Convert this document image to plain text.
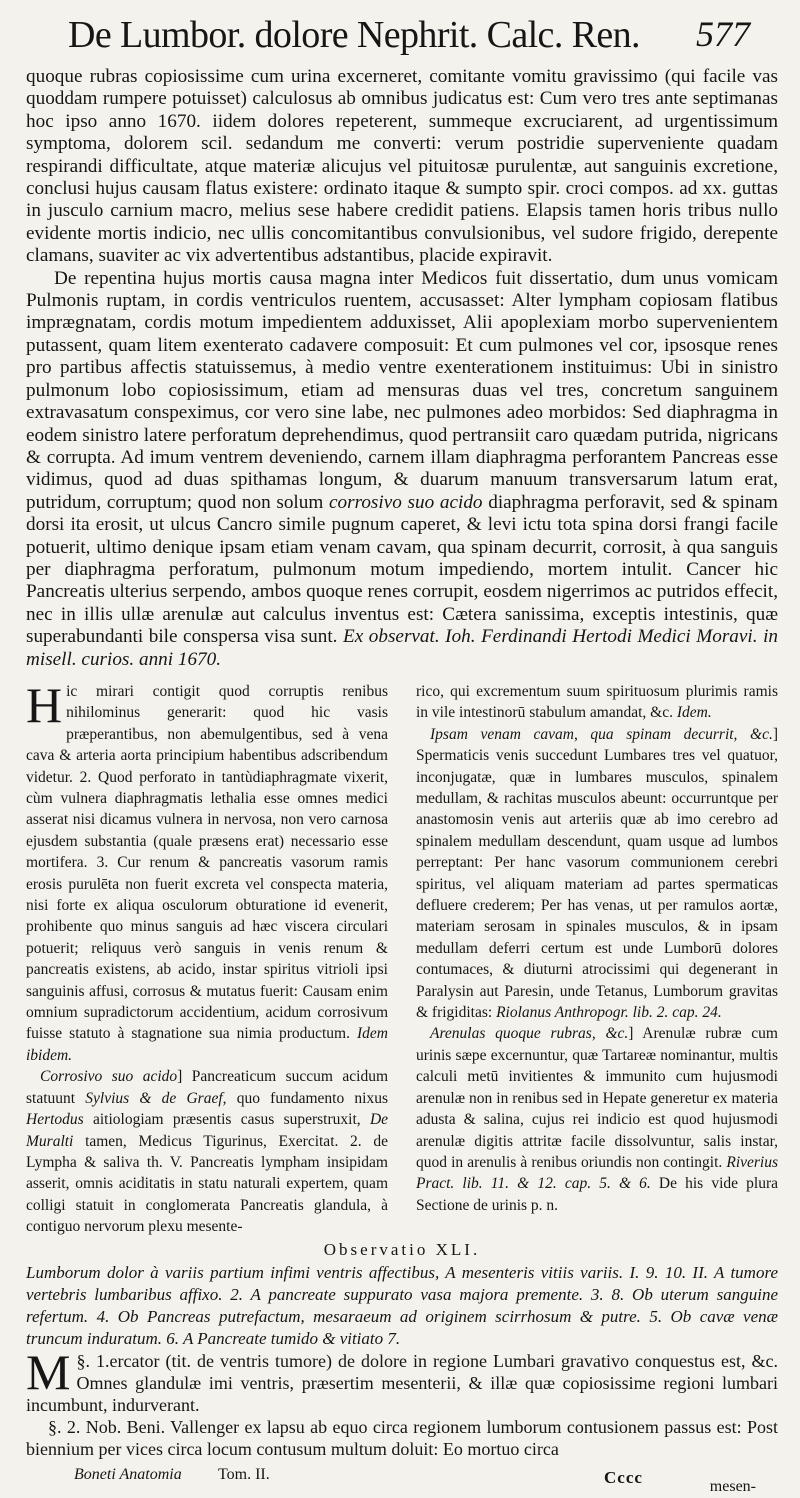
De Lumbor. dolore Nephrit. Calc. Ren. 577

quoque rubras copiosissime cum urina excerneret, comitante vomitu gravissimo (qui facile vas quoddam rumpere potuisset) calculosus ab omnibus judicatus est: Cum vero tres ante septimanas hoc ipso anno 1670. iidem dolores repeterent, summeque excruciarent, ad urgentissimum symptoma, dolorem scil. sedandum me converti: verum postridie superveniente quadam respirandi difficultate, atque materiæ alicujus vel pituitosæ purulentæ, aut sanguinis excretione, conclusi hujus causam flatus existere: ordinato itaque & sumpto spir. croci compos. ad xx. guttas in jusculo carnium macro, melius sese habere credidit patiens. Elapsis tamen horis tribus nullo evidente mortis indicio, nec ullis concomitantibus convulsionibus, vel sudore frigido, derepente clamans, suaviter ac vix advertentibus adstantibus, placide expiravit.

De repentina hujus mortis causa magna inter Medicos fuit dissertatio, dum unus vomicam Pulmonis ruptam, in cordis ventriculos ruentem, accusasset: Alter lympham copiosam flatibus imprægnatam, cordis motum impedientem adduxisset, Alii apoplexiam morbo supervenientem putassent, quam litem exenterato cadavere composuit: Et cum pulmones vel cor, ipsosque renes pro partibus affectis statuissemus, à medio ventre exenterationem instituimus: Ubi in sinistro pulmonum lobo copiosissimum, etiam ad mensuras duas vel tres, concretum sanguinem extravasatum conspeximus, cor vero sine labe, nec pulmones adeo morbidos: Sed diaphragma in eodem sinistro latere perforatum deprehendimus, quod pertransiit caro quædam putrida, nigricans & corrupta. Ad imum ventrem deveniendo, carnem illam diaphragma perforantem Pancreas esse vidimus, quod ad duas spithamas longum, & duarum manuum transversarum latum erat, putridum, corruptum; quod non solum corrosivo suo acido diaphragma perforavit, sed & spinam dorsi ita erosit, ut ulcus Cancro simile pugnum caperet, & levi ictu tota spina dorsi frangi facile potuerit, ultimo denique ipsam etiam venam cavam, qua spinam decurrit, corrosit, à qua sanguis per diaphragma perforatum, pulmonum motum impediendo, mortem intulit. Cancer hic Pancreatis ulterius serpendo, ambos quoque renes corrupit, eosdem nigerrimos ac putridos effecit, nec in illis ullæ arenulæ aut calculus inventus est: Cætera sanissima, exceptis intestinis, quæ superabundanti bile conspersa visa sunt. Ex observat. Ioh. Ferdinandi Hertodi Medici Moravi. in misell. curios. anni 1670.

Hic mirari contigit quod corruptis renibus nihilominus generarit: quod hic vasis præperantibus, non abemulgentibus, sed à vena cava & arteria aorta principium habentibus adscribendum videtur. 2. Quod perforato in tantùdiaphragmate vixerit, cùm vulnera diaphragmatis lethalia esse omnes medici asserat nisi dicamus vulnera in nervosa, non vero carnosa ejusdem substantia (quale præsens erat) necessario esse mortifera. 3. Cur renum & pancreatis vasorum ramis erosis purulēta non fuerit excreta vel conspecta materia, nisi forte ex aliqua osculorum obturatione id evenerit, prohibente quo minus sanguis ad hæc viscera circulari potuerit; reliquus verò sanguis in venis renum & pancreatis existens, ab acido, instar spiritus vitrioli ipsi sanguinis affusi, corrosus & mutatus fuerit: Causam enim omnium supradictorum accidentium, acidum corrosivum fuisse statuto à stagnatione sua nimia productum. Idem ibidem.

Corrosivo suo acido] Pancreaticum succum acidum statuunt Sylvius & de Graef, quo fundamento nixus Hertodus aitiologiam præsentis casus superstruxit, De Muralti tamen, Medicus Tigurinus, Exercitat. 2. de Lympha & saliva th. V. Pancreatis lympham insipidam asserit, omnis aciditatis in statu naturali expertem, quam colligi statuit in conglomerata Pancreatis glandula, à contiguo nervorum plexu mesente-

rico, qui excrementum suum spirituosum plurimis ramis in vile intestinorū stabulum amandat, &c. Idem.

Ipsam venam cavam, qua spinam decurrit, &c.] Spermaticis venis succedunt Lumbares tres vel quatuor, inconjugatæ, quæ in lumbares musculos, spinalem medullam, & rachitas musculos abeunt: occurruntque per anastomosin venis aut arteriis quæ ab imo cerebro ad spinalem medullam descendunt, quam usque ad lumbos perreptant: Per hanc vasorum communionem cerebri spiritus, vel aliquam materiam ad partes spermaticas defluere crederem; Per has venas, ut per ramulos aortæ, materiam serosam in spinales musculos, & in ipsam medullam deferri certum est unde Lumborū dolores contumaces, & diuturni atrocissimi qui degenerant in Paralysin aut Paresin, unde Tetanus, Lumborum gravitas & frigiditas: Riolanus Anthropogr. lib. 2. cap. 24.

Arenulas quoque rubras, &c.] Arenulæ rubræ cum urinis sæpe excernuntur, quæ Tartareæ nominantur, multis calculi metū invitientes & immunito cum hujusmodi arenulæ non in renibus sed in Hepate generetur ex materia adusta & salina, cujus rei indicio est quod hujusmodi arenulæ digitis attritæ facile dissolvuntur, salis instar, quod in arenulis à renibus oriundis non contingit. Riverius Pract. lib. 11. & 12. cap. 5. & 6. De his vide plura Sectione de urinis p. n.

Observatio XLI.

Lumborum dolor à variis partium infimi ventris affectibus, A mesenteris vitiis variis. I. 9. 10. II. A tumore vertebris lumbaribus affixo. 2. A pancreate suppurato vasa majora premente. 3. 8. Ob uterum sanguine refertum. 4. Ob Pancreas putrefactum, mesaraeum ad originem scirrhosum & putre. 5. Ob cavæ venæ truncum induratum. 6. A Pancreate tumido & vitiato 7.

§. 1.
M ercator (tit. de ventris tumore) de dolore in regione Lumbari gravativo conquestus est, &c. Omnes glandulæ imi ventris, præsertim mesenterii, & illæ quæ copiosissime regioni lumbari incumbunt, indurverant.

§. 2. Nob. Beni. Vallenger ex lapsu ab equo circa regionem lumborum contusionem passus est: Post biennium per vices circa locum contusum multum doluit: Eo mortuo circa

Boneti Anatomia Tom. II.	Cccc	mesen-
